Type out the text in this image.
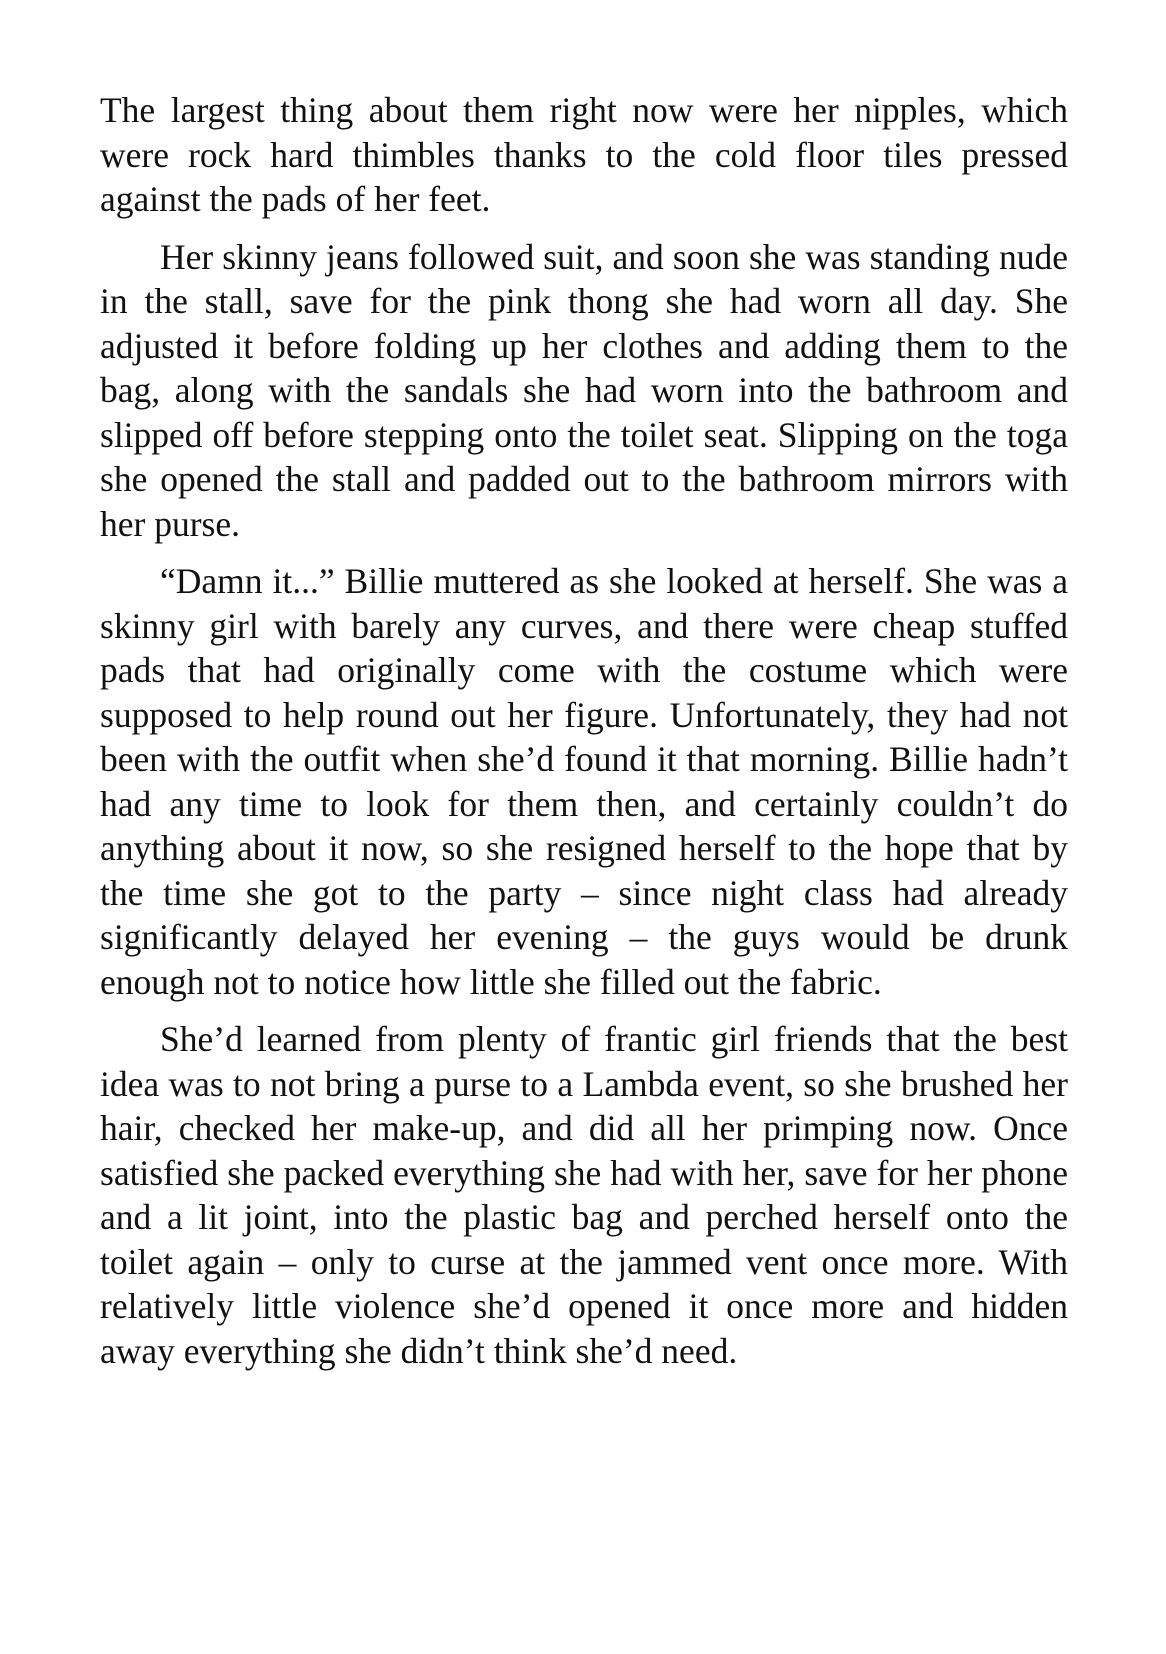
The largest thing about them right now were her nipples, which were rock hard thimbles thanks to the cold floor tiles pressed against the pads of her feet.

Her skinny jeans followed suit, and soon she was standing nude in the stall, save for the pink thong she had worn all day. She adjusted it before folding up her clothes and adding them to the bag, along with the sandals she had worn into the bathroom and slipped off before stepping onto the toilet seat. Slipping on the toga she opened the stall and padded out to the bathroom mirrors with her purse.

“Damn it...” Billie muttered as she looked at herself. She was a skinny girl with barely any curves, and there were cheap stuffed pads that had originally come with the costume which were supposed to help round out her figure. Unfortunately, they had not been with the outfit when she’d found it that morning. Billie hadn’t had any time to look for them then, and certainly couldn’t do anything about it now, so she resigned herself to the hope that by the time she got to the party – since night class had already significantly delayed her evening – the guys would be drunk enough not to notice how little she filled out the fabric.

She’d learned from plenty of frantic girl friends that the best idea was to not bring a purse to a Lambda event, so she brushed her hair, checked her make-up, and did all her primping now. Once satisfied she packed everything she had with her, save for her phone and a lit joint, into the plastic bag and perched herself onto the toilet again – only to curse at the jammed vent once more. With relatively little violence she’d opened it once more and hidden away everything she didn’t think she’d need.
